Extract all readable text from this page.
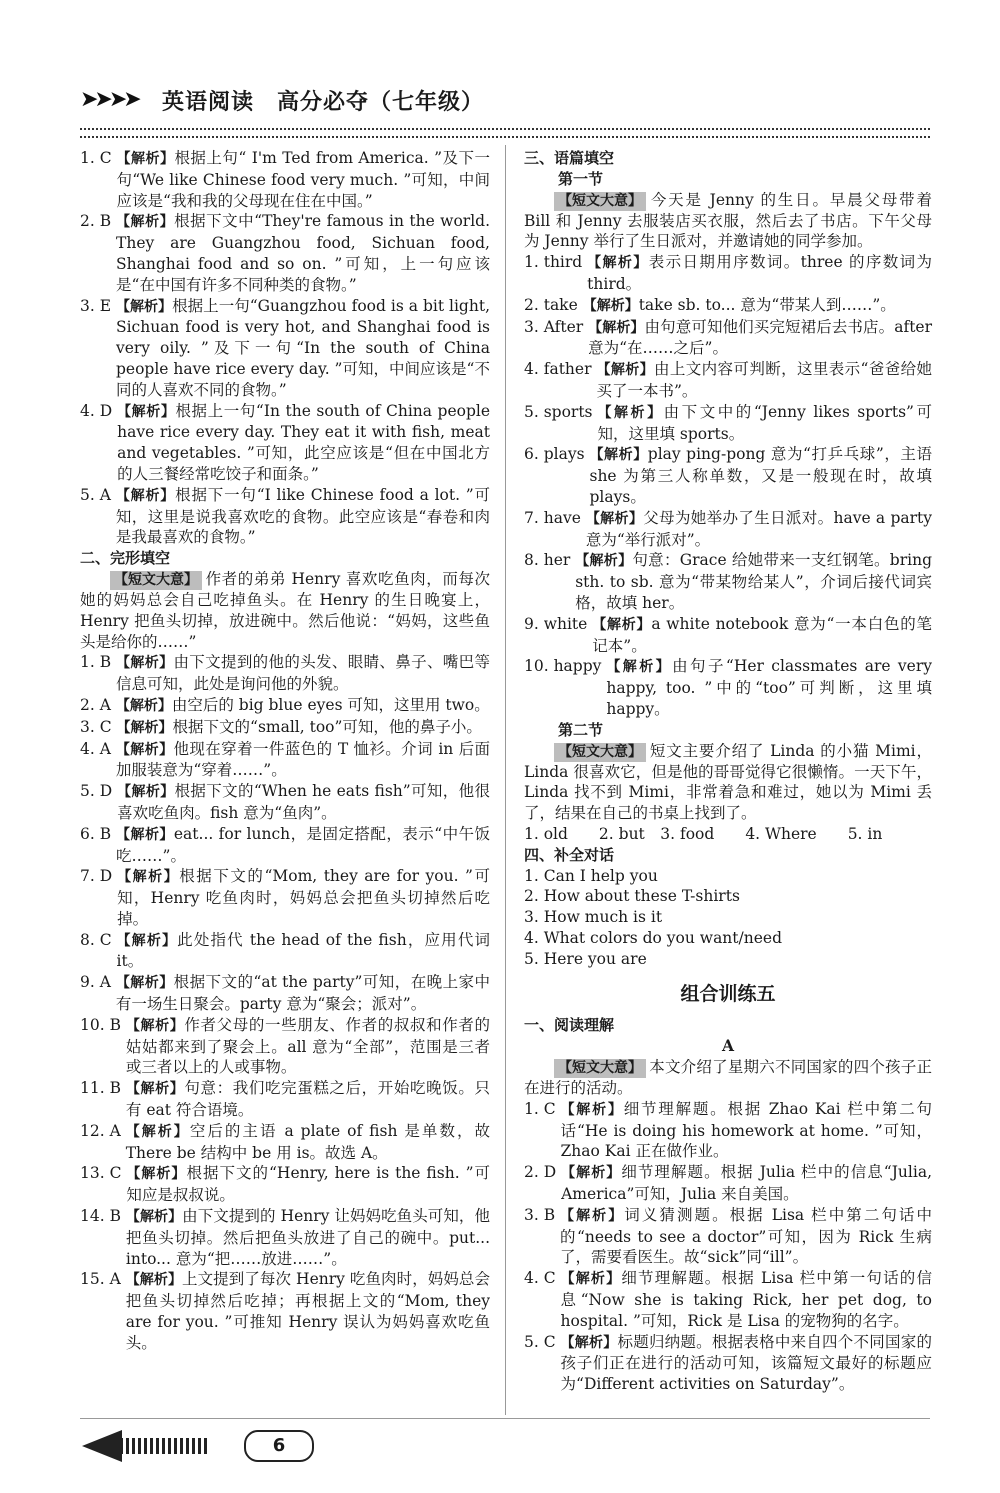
➤➤➤➤ 英语阅读　高分必夺（七年级）
1. C
【解析】根据上句“ I'm Ted from America. ”及下一句“We like Chinese food very much. ”可知，中间应该是“我和我的父母现在住在中国。”
2. B
【解析】根据下文中“They're famous in the world. They are Guangzhou food, Sichuan food, Shanghai food and so on. ”可知，上一句应该是“在中国有许多不同种类的食物。”
3. E
【解析】根据上一句“Guangzhou food is a bit light, Sichuan food is very hot, and Shanghai food is very oily. ”及下一句“In the south of China people have rice every day. ”可知，中间应该是“不同的人喜欢不同的食物。”
4. D
【解析】根据上一句“In the south of China people have rice every day. They eat it with fish, meat and vegetables. ”可知，此空应该是“但在中国北方的人三餐经常吃饺子和面条。”
5. A
【解析】根据下一句“I like Chinese food a lot. ”可知，这里是说我喜欢吃的食物。此空应该是“春卷和肉是我最喜欢的食物。”
二、完形填空
【短文大意】 作者的弟弟 Henry 喜欢吃鱼肉，而每次她的妈妈总会自己吃掉鱼头。在 Henry 的生日晚宴上，Henry 把鱼头切掉，放进碗中。然后他说：“妈妈，这些鱼头是给你的……”
1. B
【解析】由下文提到的他的头发、眼睛、鼻子、嘴巴等信息可知，此处是询问他的外貌。
2. A
【解析】由空后的 big blue eyes 可知，这里用 two。
3. C
【解析】根据下文的“small, too”可知，他的鼻子小。
4. A
【解析】他现在穿着一件蓝色的 T 恤衫。介词 in 后面加服装意为“穿着……”。
5. D
【解析】根据下文的“When he eats fish”可知，他很喜欢吃鱼肉。fish 意为“鱼肉”。
6. B
【解析】eat... for lunch，是固定搭配，表示“中午饭吃……”。
7. D
【解析】根据下文的“Mom, they are for you. ”可知，Henry 吃鱼肉时，妈妈总会把鱼头切掉然后吃掉。
8. C
【解析】此处指代 the head of the fish，应用代词 it。
9. A
【解析】根据下文的“at the party”可知，在晚上家中有一场生日聚会。party 意为“聚会；派对”。
10. B
【解析】作者父母的一些朋友、作者的叔叔和作者的姑姑都来到了聚会上。all 意为“全部”，范围是三者或三者以上的人或事物。
11. B
【解析】句意：我们吃完蛋糕之后，开始吃晚饭。只有 eat 符合语境。
12. A
【解析】空后的主语 a plate of fish 是单数，故 There be 结构中 be 用 is。故选 A。
13. C
【解析】根据下文的“Henry, here is the fish. ”可知应是叔叔说。
14. B
【解析】由下文提到的 Henry 让妈妈吃鱼头可知，他把鱼头切掉。然后把鱼头放进了自己的碗中。put... into... 意为“把……放进……”。
15. A
【解析】上文提到了每次 Henry 吃鱼肉时，妈妈总会把鱼头切掉然后吃掉；再根据上文的“Mom, they are for you. ”可推知 Henry 误认为妈妈喜欢吃鱼头。
三、语篇填空
第一节
【短文大意】 今天是 Jenny 的生日。早晨父母带着 Bill 和 Jenny 去服装店买衣服，然后去了书店。下午父母为 Jenny 举行了生日派对，并邀请她的同学参加。
1. third
【解析】表示日期用序数词。three 的序数词为 third。
2. take
【解析】take sb. to... 意为“带某人到……”。
3. After
【解析】由句意可知他们买完短裙后去书店。after 意为“在……之后”。
4. father
【解析】由上文内容可判断，这里表示“爸爸给她买了一本书”。
5. sports
【解析】由下文中的“Jenny likes sports”可知，这里填 sports。
6. plays
【解析】play ping-pong 意为“打乒乓球”，主语 she 为第三人称单数，又是一般现在时，故填 plays。
7. have
【解析】父母为她举办了生日派对。have a party 意为“举行派对”。
8. her
【解析】句意：Grace 给她带来一支红钢笔。bring sth. to sb. 意为“带某物给某人”，介词后接代词宾格，故填 her。
9. white
【解析】a white notebook 意为“一本白色的笔记本”。
10. happy
【解析】由句子“Her classmates are very happy, too. ”中的“too”可判断，这里填 happy。
第二节
【短文大意】 短文主要介绍了 Linda 的小猫 Mimi，Linda 很喜欢它，但是他的哥哥觉得它很懒惰。一天下午，Linda 找不到 Mimi，非常着急和难过，她以为 Mimi 丢了，结果在自己的书桌上找到了。
1. old　　2. but　3. food　　4. Where　　5. in
四、补全对话
1. Can I help you
2. How about these T-shirts
3. How much is it
4. What colors do you want/need
5. Here you are
组合训练五
一、阅读理解
A
【短文大意】 本文介绍了星期六不同国家的四个孩子正在进行的活动。
1. C
【解析】细节理解题。根据 Zhao Kai 栏中第二句话“He is doing his homework at home. ”可知，Zhao Kai 正在做作业。
2. D
【解析】细节理解题。根据 Julia 栏中的信息“Julia, America”可知，Julia 来自美国。
3. B
【解析】词义猜测题。根据 Lisa 栏中第二句话中的“needs to see a doctor”可知，因为 Rick 生病了，需要看医生。故“sick”同“ill”。
4. C
【解析】细节理解题。根据 Lisa 栏中第一句话的信息“Now she is taking Rick, her pet dog, to hospital. ”可知，Rick 是 Lisa 的宠物狗的名字。
5. C
【解析】标题归纳题。根据表格中来自四个不同国家的孩子们正在进行的活动可知，该篇短文最好的标题应为“Different activities on Saturday”。
6
